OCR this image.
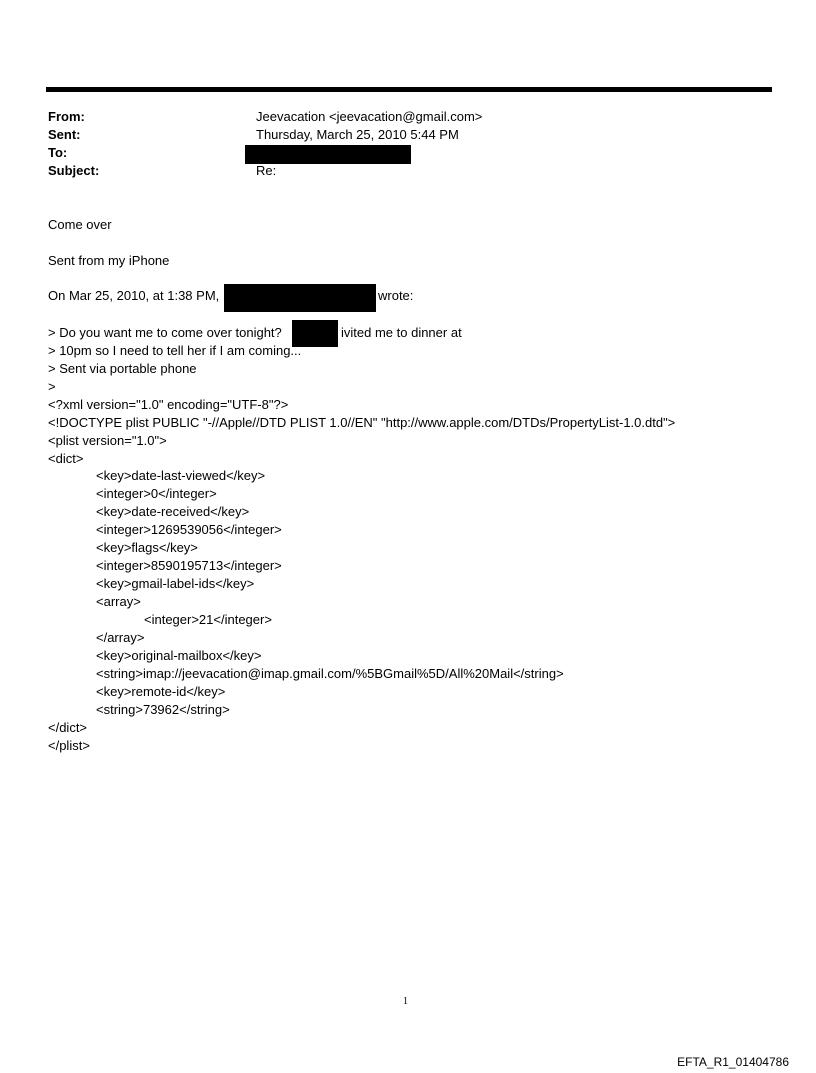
From:	Jeevacation <jeevacation@gmail.com>
Sent:	Thursday, March 25, 2010 5:44 PM
To:
Subject:	Re:
Come over
Sent from my iPhone
On Mar 25, 2010, at 1:38 PM,	wrote:
> Do you want me to come over tonight?	ivited me to dinner at
> 10pm so I need to tell her if I am coming...
> Sent via portable phone
>
<?xml version="1.0" encoding="UTF-8"?>
<!DOCTYPE plist PUBLIC "-//Apple//DTD PLIST 1.0//EN" "http://www.apple.com/DTDs/PropertyList-1.0.dtd">
<plist version="1.0">
<dict>
<key>date-last-viewed</key>
<integer>0</integer>
<key>date-received</key>
<integer>1269539056</integer>
<key>flags</key>
<integer>8590195713</integer>
<key>gmail-label-ids</key>
<array>
<integer>21</integer>
</array>
<key>original-mailbox</key>
<string>imap://jeevacation@imap.gmail.com/%5BGmail%5D/All%20Mail</string>
<key>remote-id</key>
<string>73962</string>
</dict>
</plist>
1
EFTA_R1_01404786
